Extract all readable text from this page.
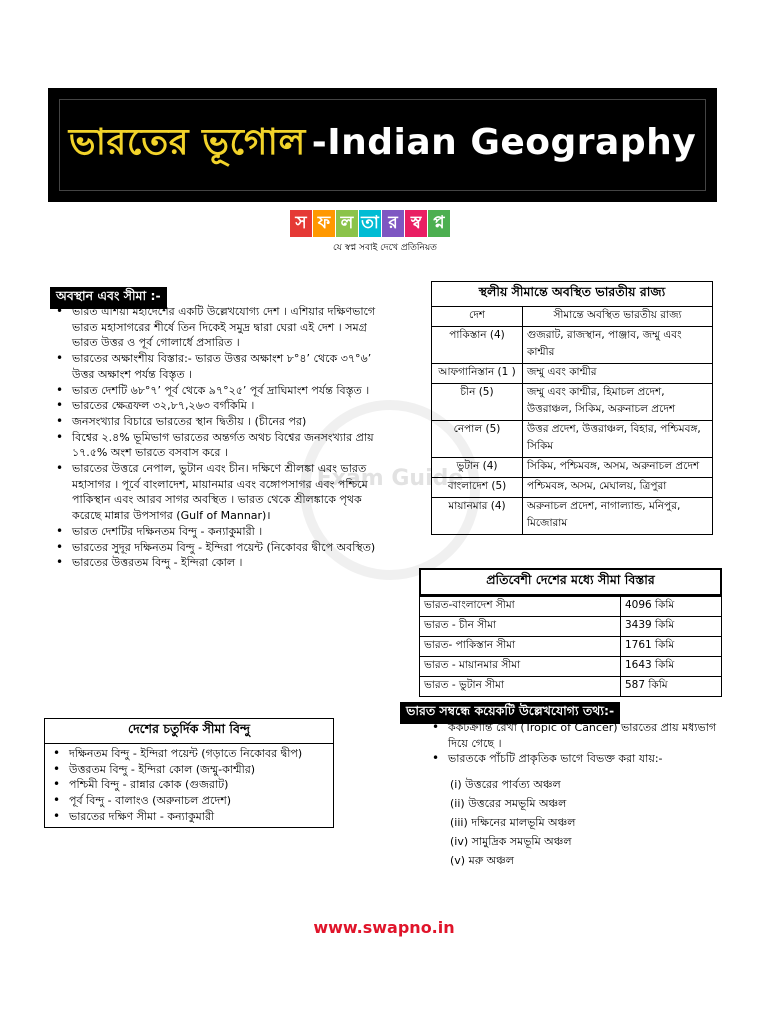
Exam Guide
ভারতের ভূগোল -Indian Geography
স ফ ল তা র স্ব প্ন
যে স্বপ্ন সবাই দেখে প্রতিনিয়ত
অবস্থান এবং সীমা :-
• ভারত এশিয়া মহাদেশের একটি উল্লেখযোগ্য দেশ । এশিয়ার দক্ষিণভাগে ভারত মহাসাগরের শীর্ষে তিন দিকেই সমুদ্র দ্বারা ঘেরা এই দেশ । সমগ্র ভারত উত্তর ও পূর্ব গোলার্ধে প্রসারিত ।
• ভারতের অক্ষাংশীয় বিস্তার:- ভারত উত্তর অক্ষাংশ ৮°৪’ থেকে ৩৭°৬’ উত্তর অক্ষাংশ পর্যন্ত বিস্তৃত ।
• ভারত দেশটি ৬৮°৭’ পূর্ব থেকে ৯৭°২৫’ পূর্ব দ্রাঘিমাংশ পর্যন্ত বিস্তৃত ।
• ভারতের ক্ষেত্রফল ৩২,৮৭,২৬৩ বর্গকিমি ।
• জনসংখ্যার বিচারে ভারতের স্থান দ্বিতীয় । (চীনের পর)
• বিশ্বের ২.৪% ভূমিভাগ ভারতের অন্তর্গত অথচ বিশ্বের জনসংখ্যার প্রায় ১৭.৫% অংশ ভারতে বসবাস করে ।
• ভারতের উত্তরে নেপাল, ভুটান এবং চীন। দক্ষিণে শ্রীলঙ্কা এবং ভারত মহাসাগর । পূর্বে বাংলাদেশ, মায়ানমার এবং বঙ্গোপসাগর এবং পশ্চিমে পাকিস্থান এবং আরব সাগর অবস্থিত । ভারত থেকে শ্রীলঙ্কাকে পৃথক করেছে মান্নার উপসাগর (Gulf of Mannar)।
• ভারত দেশটির দক্ষিনতম বিন্দু - কন্যাকুমারী ।
• ভারতের সুদূর দক্ষিনতম বিন্দু - ইন্দিরা পয়েন্ট (নিকোবর দ্বীপে অবস্থিত)
• ভারতের উত্তরতম বিন্দু - ইন্দিরা কোল ।
দেশের চতুর্দিক সীমা বিন্দু
• দক্ষিনতম বিন্দু - ইন্দিরা পয়েন্ট (গড়াতে নিকোবর দ্বীপ)
• উত্তরতম বিন্দু - ইন্দিরা কোল (জম্মু-কাশ্মীর)
• পশ্চিমী বিন্দু - রান্নার কোক (গুজরাট)
• পূর্ব বিন্দু - বালাংও (অরুনাচল প্রদেশ)
• ভারতের দক্ষিণ সীমা - কন্যাকুমারী
স্থলীয় সীমান্তে অবস্থিত ভারতীয় রাজ্য
দেশ	সীমান্তে অবস্থিত ভারতীয় রাজ্য
পাকিস্তান (4)	গুজরাট, রাজস্থান, পাঞ্জাব, জম্মু এবং কাশ্মীর
আফগানিস্তান (1 )	জম্মু এবং কাশ্মীর
চীন (5)	জম্মু এবং কাশ্মীর, হিমাচল প্রদেশ, উত্তরাঞ্চল, সিকিম, অরুনাচল প্রদেশ
নেপাল (5)	উত্তর প্রদেশ, উত্তরাঞ্চল, বিহার, পশ্চিমবঙ্গ, সিকিম
ভুটান (4)	সিকিম, পশ্চিমবঙ্গ, অসম, অরুনাচল প্রদেশ
বাংলাদেশ (5)	পশ্চিমবঙ্গ, অসম, মেঘালয়, ত্রিপুরা
মায়ানমার (4)	অরুনাচল প্রদেশ, নাগাল্যান্ড, মনিপুর, মিজোরাম
প্রতিবেশী দেশের মধ্যে সীমা বিস্তার
ভারত-বাংলাদেশ সীমা	4096 কিমি
ভারত - চীন সীমা	3439 কিমি
ভারত- পাকিস্তান সীমা	1761 কিমি
ভারত - মায়ানমার সীমা	1643 কিমি
ভারত - ভুটান সীমা	587 কিমি
ভারত সম্বন্ধে কয়েকটি উল্লেখযোগ্য তথ্য:-
• কর্কটক্রান্তি রেখা (Tropic of Cancer) ভারতের প্রায় মধ্যভাগ দিয়ে গেছে ।
• ভারতকে পাঁচটি প্রাকৃতিক ভাগে বিভক্ত করা যায়:-
(i) উত্তরের পার্বত্য অঞ্চল
(ii) উত্তরের সমভূমি অঞ্চল
(iii) দক্ষিনের মালভূমি অঞ্চল
(iv) সামুদ্রিক সমভূমি অঞ্চল
(v) মরু অঞ্চল
www.swapno.in
